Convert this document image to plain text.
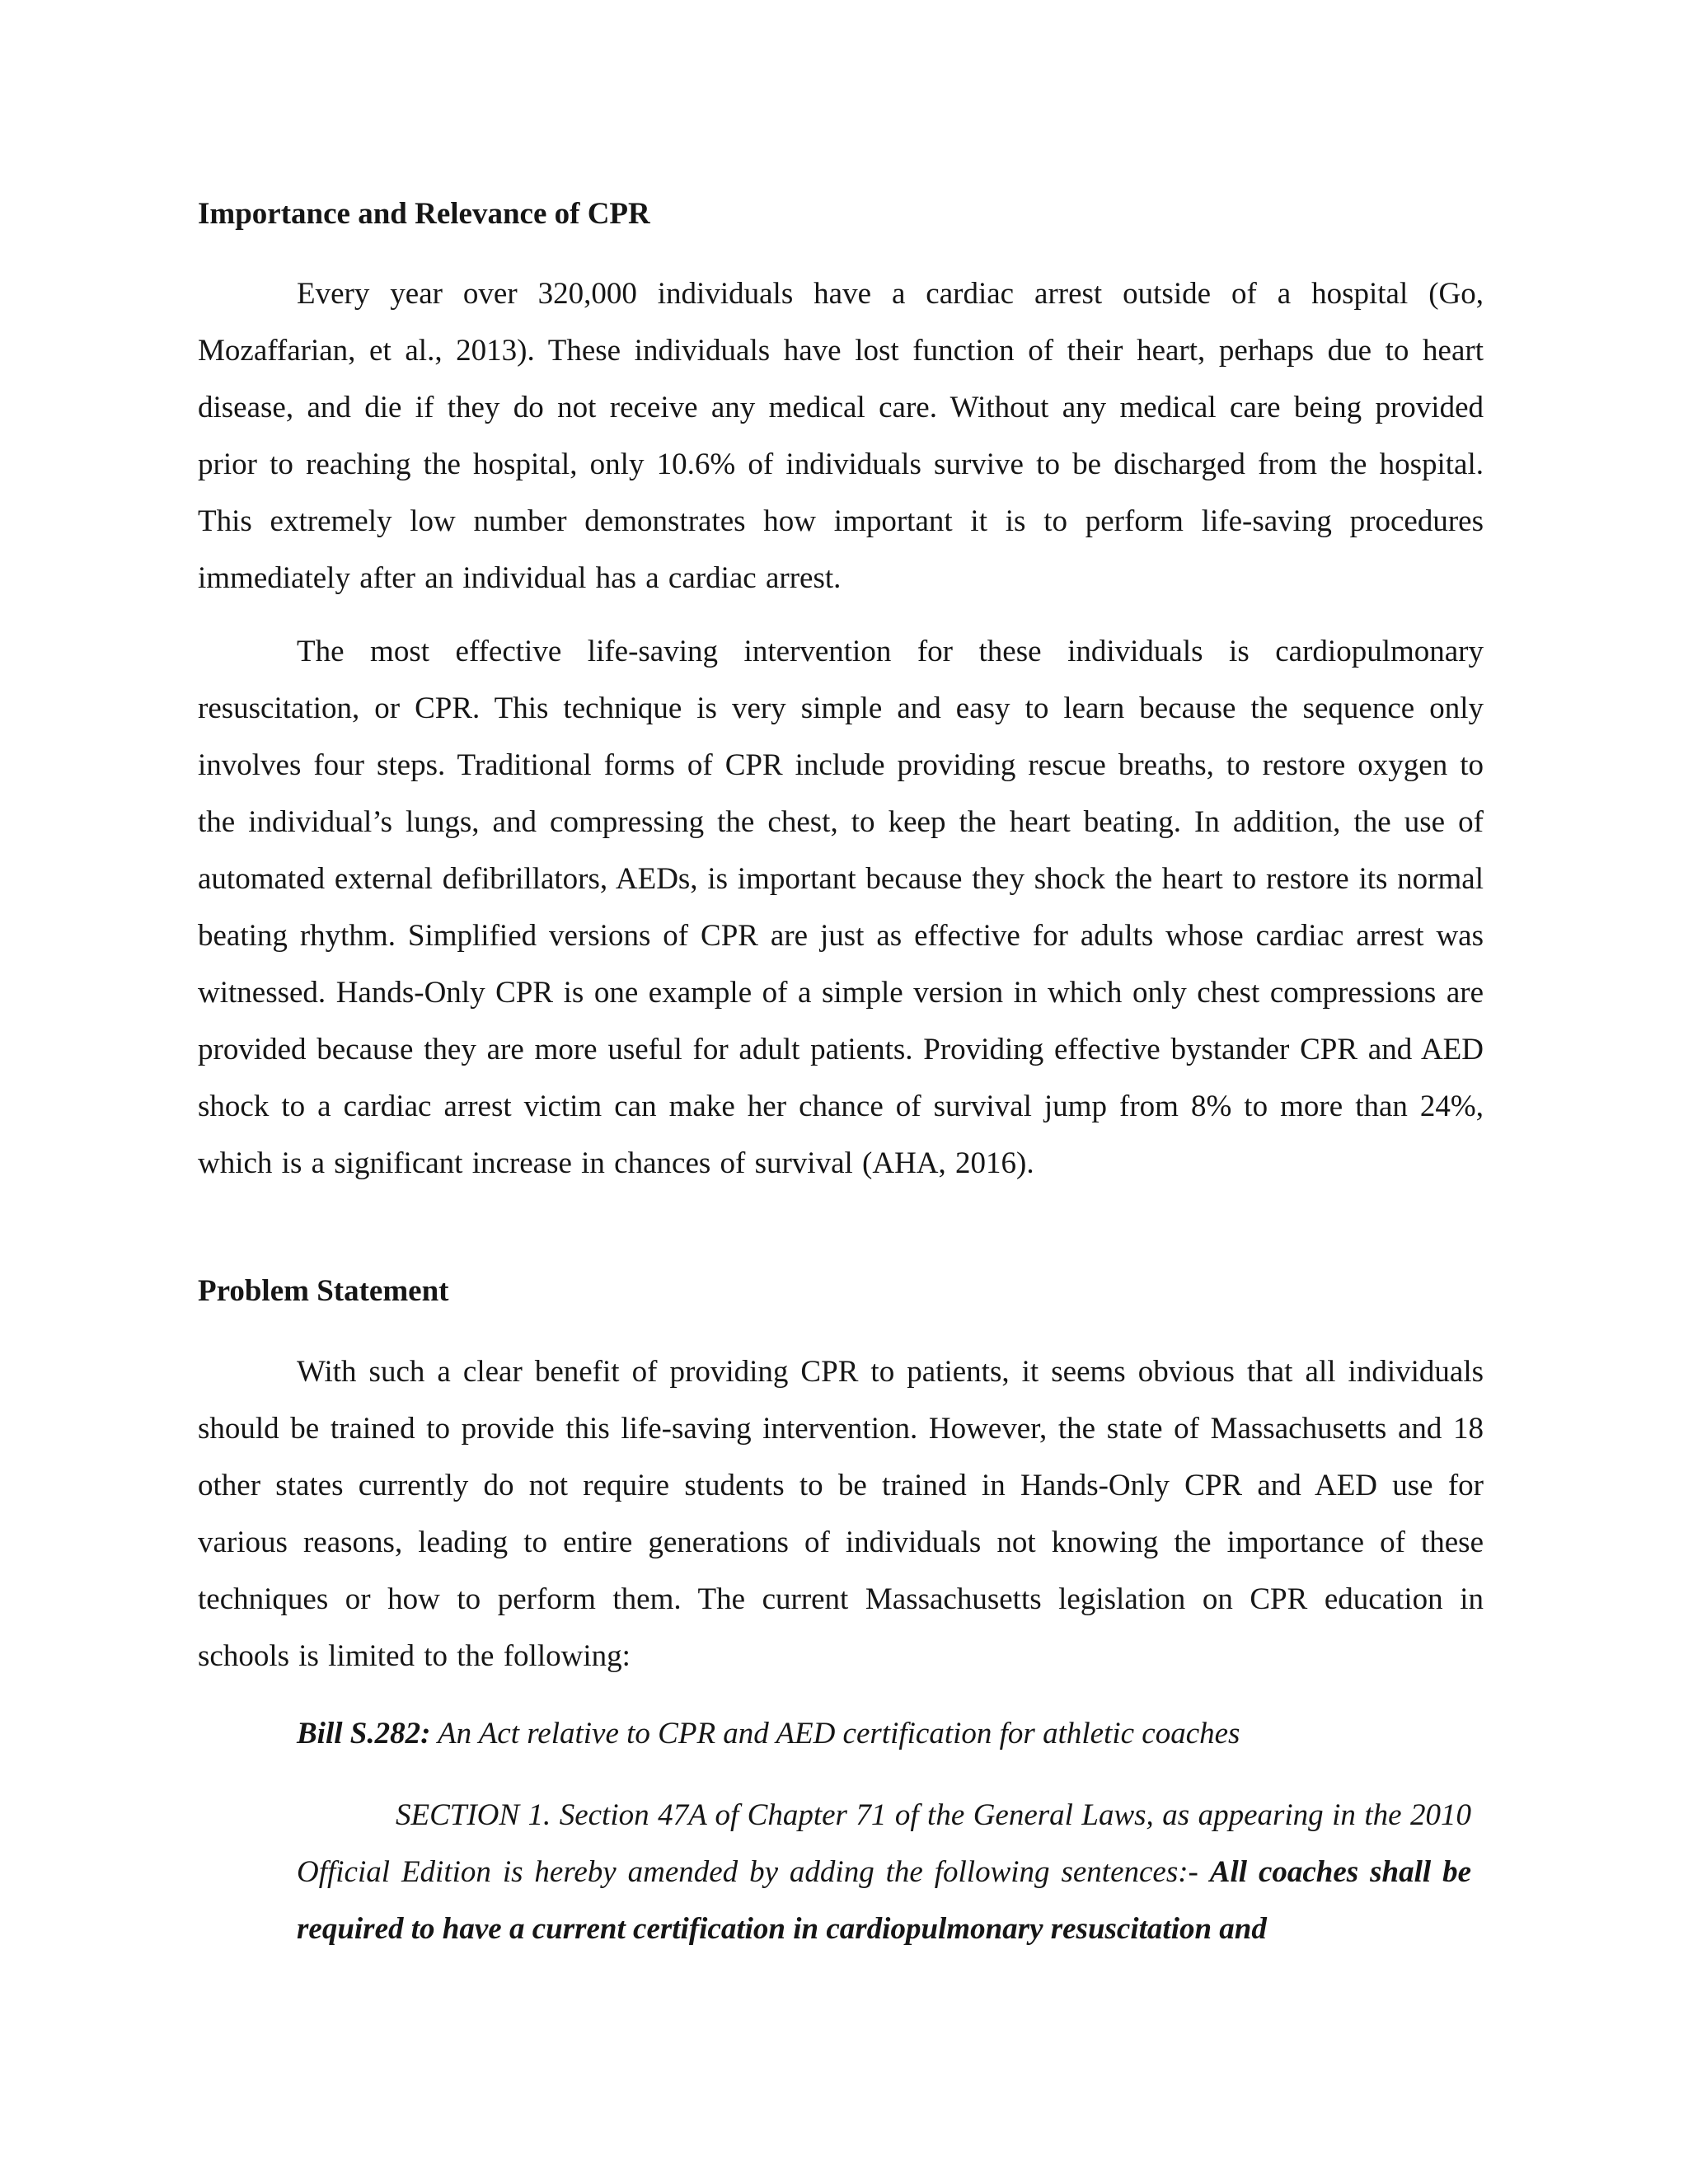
Importance and Relevance of CPR

Every year over 320,000 individuals have a cardiac arrest outside of a hospital (Go, Mozaffarian, et al., 2013). These individuals have lost function of their heart, perhaps due to heart disease, and die if they do not receive any medical care. Without any medical care being provided prior to reaching the hospital, only 10.6% of individuals survive to be discharged from the hospital. This extremely low number demonstrates how important it is to perform life-saving procedures immediately after an individual has a cardiac arrest.

The most effective life-saving intervention for these individuals is cardiopulmonary resuscitation, or CPR. This technique is very simple and easy to learn because the sequence only involves four steps. Traditional forms of CPR include providing rescue breaths, to restore oxygen to the individual’s lungs, and compressing the chest, to keep the heart beating. In addition, the use of automated external defibrillators, AEDs, is important because they shock the heart to restore its normal beating rhythm. Simplified versions of CPR are just as effective for adults whose cardiac arrest was witnessed. Hands-Only CPR is one example of a simple version in which only chest compressions are provided because they are more useful for adult patients. Providing effective bystander CPR and AED shock to a cardiac arrest victim can make her chance of survival jump from 8% to more than 24%, which is a significant increase in chances of survival (AHA, 2016).

Problem Statement

With such a clear benefit of providing CPR to patients, it seems obvious that all individuals should be trained to provide this life-saving intervention. However, the state of Massachusetts and 18 other states currently do not require students to be trained in Hands-Only CPR and AED use for various reasons, leading to entire generations of individuals not knowing the importance of these techniques or how to perform them. The current Massachusetts legislation on CPR education in schools is limited to the following:

Bill S.282: An Act relative to CPR and AED certification for athletic coaches

SECTION 1. Section 47A of Chapter 71 of the General Laws, as appearing in the 2010 Official Edition is hereby amended by adding the following sentences:- All coaches shall be required to have a current certification in cardiopulmonary resuscitation and
